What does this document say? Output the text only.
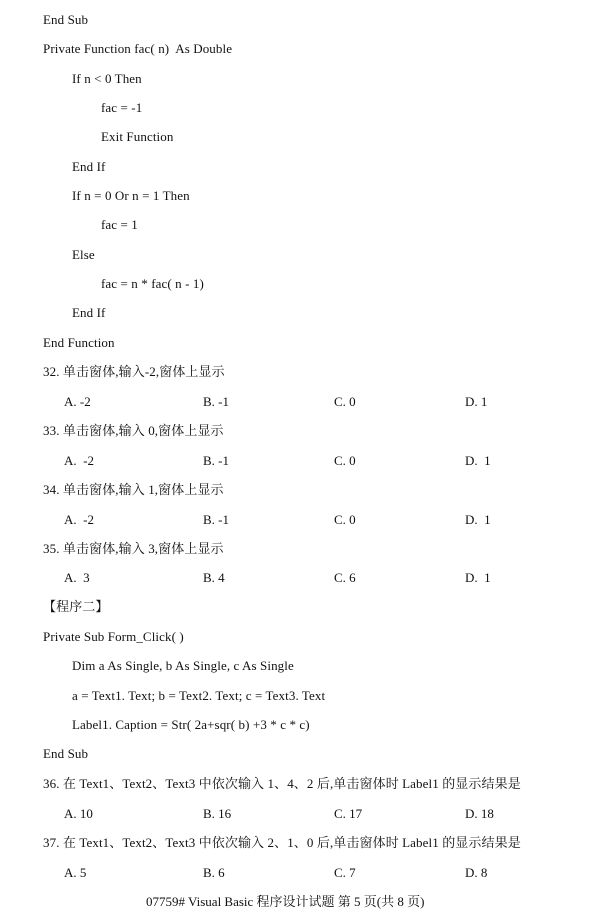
End Sub
Private Function fac( n)  As Double
If n < 0 Then
fac = -1
Exit Function
End If
If n = 0 Or n = 1 Then
fac = 1
Else
fac = n * fac( n - 1)
End If
End Function
32. 单击窗体,输入-2,窗体上显示
A. -2	B. -1	C. 0	D. 1
33. 单击窗体,输入 0,窗体上显示
A.  -2	B. -1	C. 0	D.  1
34. 单击窗体,输入 1,窗体上显示
A.  -2	B. -1	C. 0	D.  1
35. 单击窗体,输入 3,窗体上显示
A.  3	B. 4	C. 6	D.  1
【程序二】
Private Sub Form_Click( )
Dim a As Single, b As Single, c As Single
a = Text1. Text; b = Text2. Text; c = Text3. Text
Label1. Caption = Str( 2a+sqr( b) +3 * c * c)
End Sub
36. 在 Text1、Text2、Text3 中依次输入 1、4、2 后,单击窗体时 Label1 的显示结果是
A. 10	B. 16	C. 17	D. 18
37. 在 Text1、Text2、Text3 中依次输入 2、1、0 后,单击窗体时 Label1 的显示结果是
A. 5	B. 6	C. 7	D. 8
07759# Visual Basic 程序设计试题 第 5 页(共 8 页)
